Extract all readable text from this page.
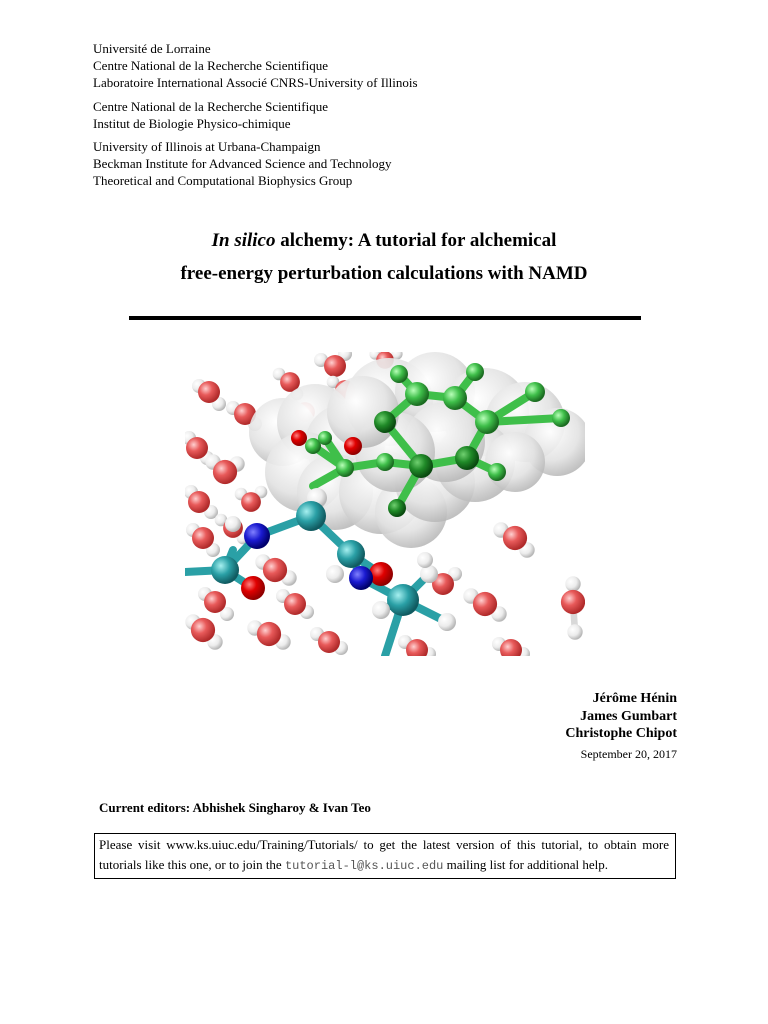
Université de Lorraine
Centre National de la Recherche Scientifique
Laboratoire International Associé CNRS-University of Illinois
Centre National de la Recherche Scientifique
Institut de Biologie Physico-chimique
University of Illinois at Urbana-Champaign
Beckman Institute for Advanced Science and Technology
Theoretical and Computational Biophysics Group
In silico alchemy: A tutorial for alchemical
free-energy perturbation calculations with NAMD
Jérôme Hénin
James Gumbart
Christophe Chipot
September 20, 2017
Current editors: Abhishek Singharoy & Ivan Teo
Please visit www.ks.uiuc.edu/Training/Tutorials/ to get the latest version of this tutorial, to obtain more tutorials like this one, or to join the tutorial-l@ks.uiuc.edu mailing list for additional help.
